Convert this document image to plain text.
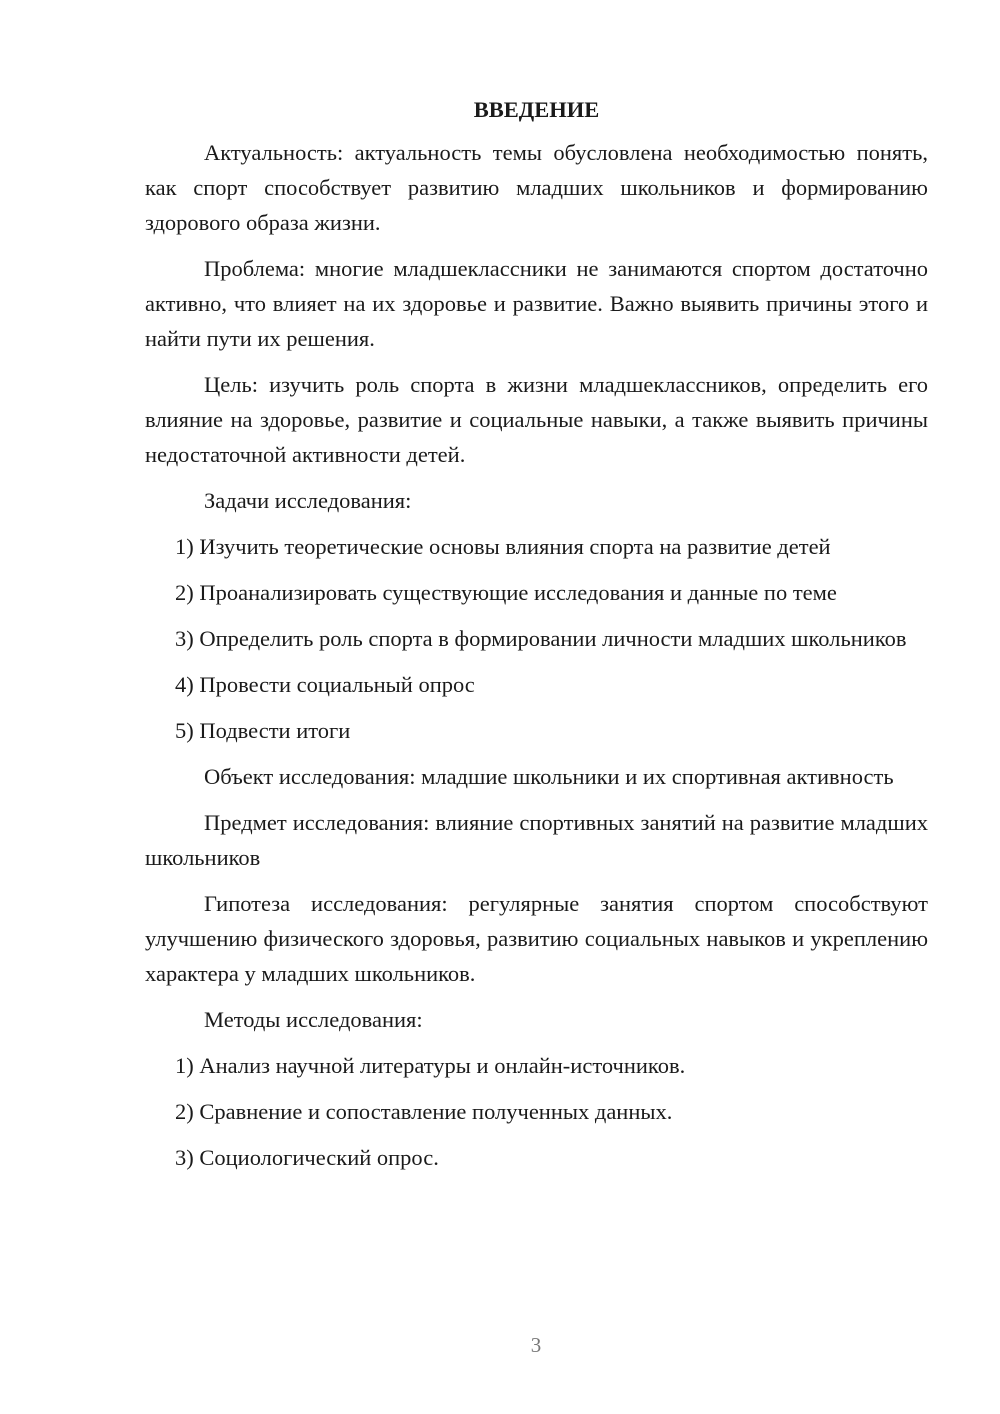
ВВЕДЕНИЕ

Актуальность: актуальность темы обусловлена необходимостью понять, как спорт способствует развитию младших школьников и формированию здорового образа жизни.

Проблема: многие младшеклассники не занимаются спортом достаточно активно, что влияет на их здоровье и развитие. Важно выявить причины этого и найти пути их решения.

Цель: изучить роль спорта в жизни младшеклассников, определить его влияние на здоровье, развитие и социальные навыки, а также выявить причины недостаточной активности детей.

Задачи исследования:

1) Изучить теоретические основы влияния спорта на развитие детей

2) Проанализировать существующие исследования и данные по теме

3) Определить роль спорта в формировании личности младших школьников

4) Провести социальный опрос

5) Подвести итоги

Объект исследования: младшие школьники и их спортивная активность

Предмет исследования: влияние спортивных занятий на развитие младших школьников

Гипотеза исследования: регулярные занятия спортом способствуют улучшению физического здоровья, развитию социальных навыков и укреплению характера у младших школьников.

Методы исследования:

1) Анализ научной литературы и онлайн-источников.

2) Сравнение и сопоставление полученных данных.

3) Социологический опрос.

3
